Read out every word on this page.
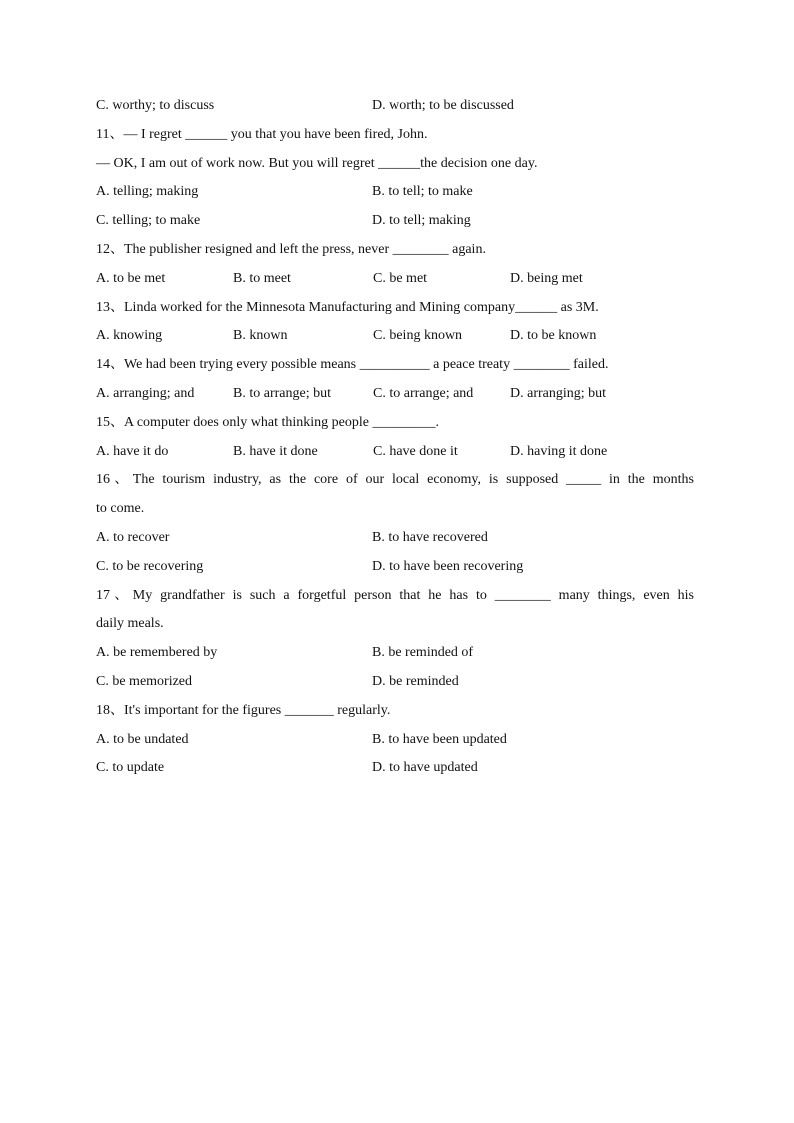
C. worthy; to discuss	D. worth; to be discussed
11、— I regret ______ you that you have been fired, John.
— OK, I am out of work now. But you will regret ______the decision one day.
A. telling; making	B. to tell; to make
C. telling; to make	D. to tell; making
12、The publisher resigned and left the press, never ________ again.
A. to be met	B. to meet	C. be met	D. being met
13、Linda worked for the Minnesota Manufacturing and Mining company______ as 3M.
A. knowing	B. known	C. being known	D. to be known
14、We had been trying every possible means __________ a peace treaty ________ failed.
A. arranging; and	B. to arrange; but	C. to arrange; and	D. arranging; but
15、A computer does only what thinking people _________.
A. have it do	B. have it done	C. have done it	D. having it done
16、The tourism industry, as the core of our local economy, is supposed _____ in the months
to come.
A. to recover	B. to have recovered
C. to be recovering	D. to have been recovering
17、My grandfather is such a forgetful person that he has to ________ many things, even his
daily meals.
A. be remembered by	B. be reminded of
C. be memorized	D. be reminded
18、It's important for the figures _______ regularly.
A. to be undated	B. to have been updated
C. to update	D. to have updated
